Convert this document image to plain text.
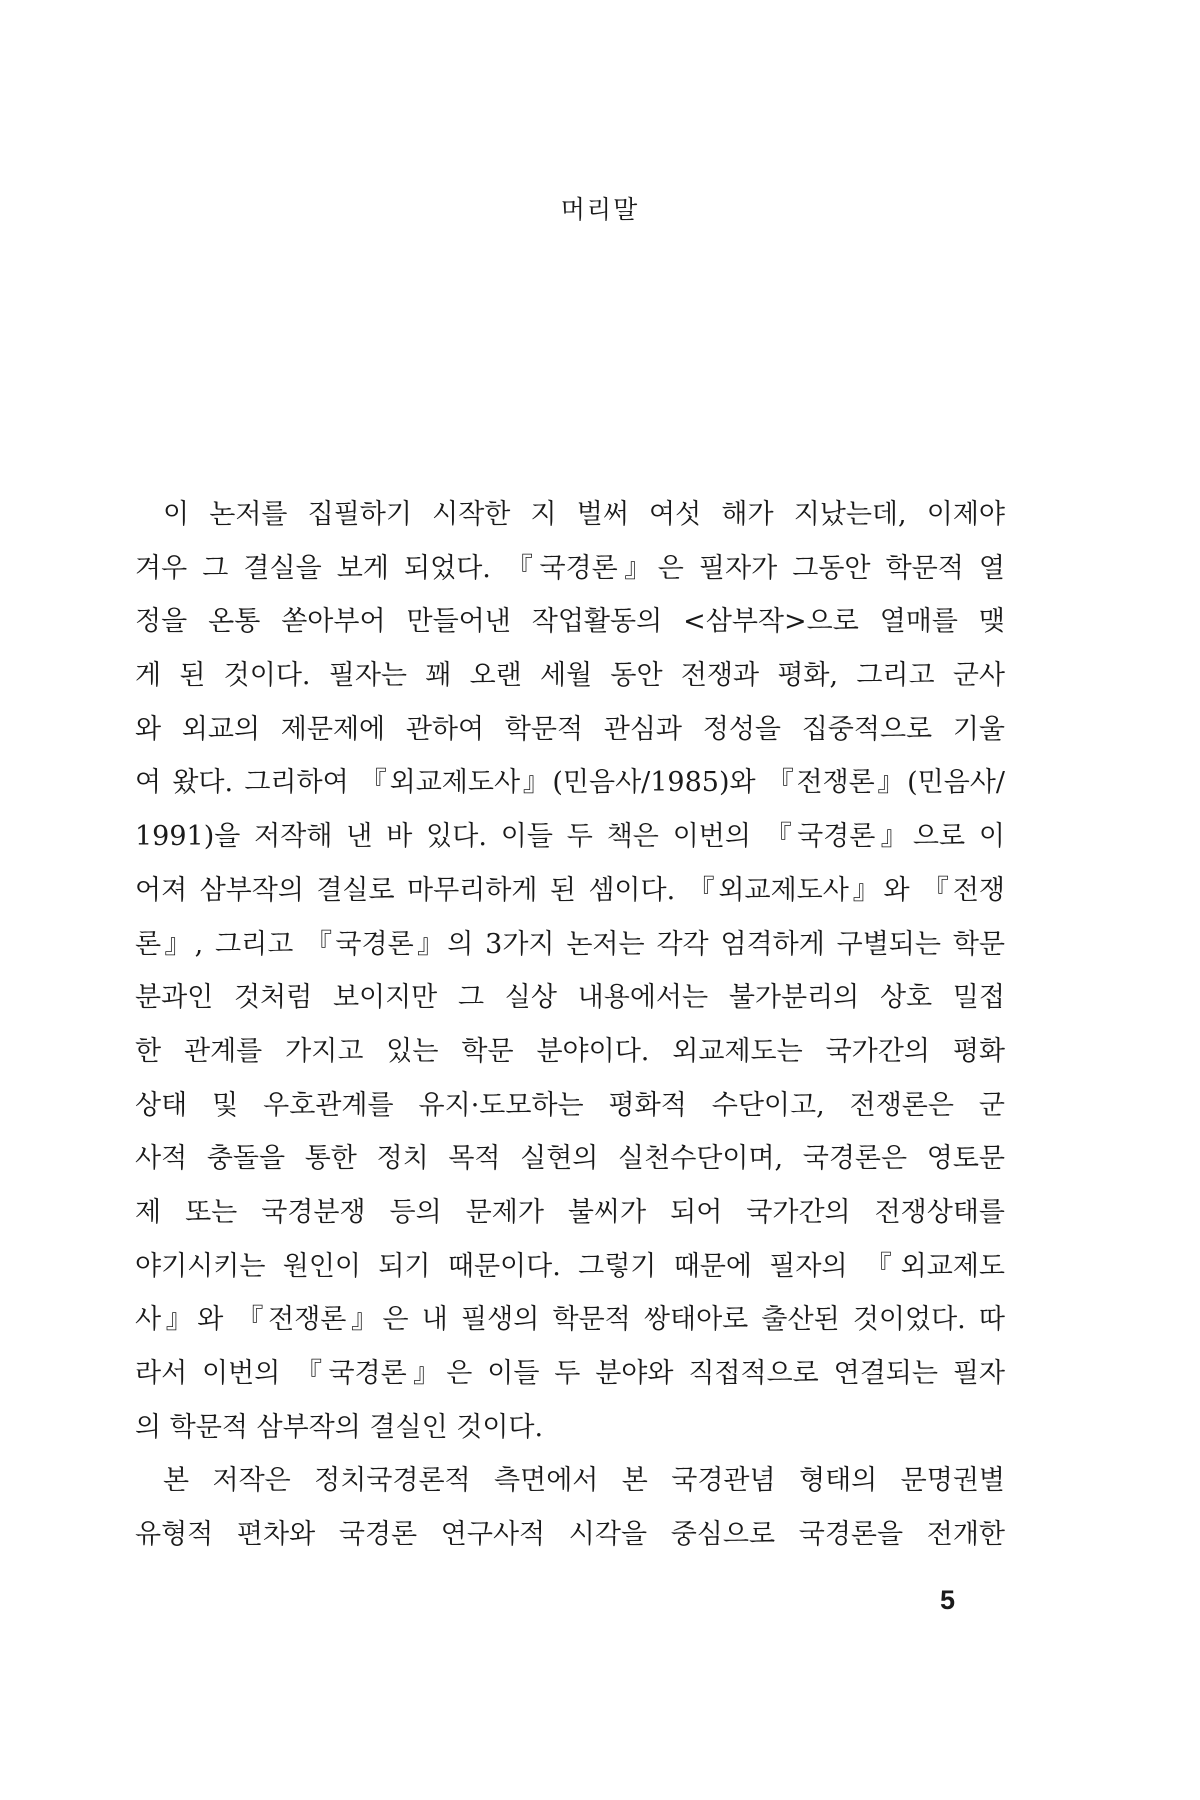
머리말
이 논저를 집필하기 시작한 지 벌써 여섯 해가 지났는데, 이제야
겨우 그 결실을 보게 되었다. 『국경론』은 필자가 그동안 학문적 열
정을 온통 쏟아부어 만들어낸 작업활동의 <삼부작>으로 열매를 맺
게 된 것이다. 필자는 꽤 오랜 세월 동안 전쟁과 평화, 그리고 군사
와 외교의 제문제에 관하여 학문적 관심과 정성을 집중적으로 기울
여 왔다. 그리하여 『외교제도사』(민음사/1985)와 『전쟁론』(민음사/
1991)을 저작해 낸 바 있다. 이들 두 책은 이번의 『국경론』으로 이
어져 삼부작의 결실로 마무리하게 된 셈이다. 『외교제도사』와 『전쟁
론』, 그리고 『국경론』의 3가지 논저는 각각 엄격하게 구별되는 학문
분과인 것처럼 보이지만 그 실상 내용에서는 불가분리의 상호 밀접
한 관계를 가지고 있는 학문 분야이다. 외교제도는 국가간의 평화
상태 및 우호관계를 유지·도모하는 평화적 수단이고, 전쟁론은 군
사적 충돌을 통한 정치 목적 실현의 실천수단이며, 국경론은 영토문
제 또는 국경분쟁 등의 문제가 불씨가 되어 국가간의 전쟁상태를
야기시키는 원인이 되기 때문이다. 그렇기 때문에 필자의 『외교제도
사』와 『전쟁론』은 내 필생의 학문적 쌍태아로 출산된 것이었다. 따
라서 이번의 『국경론』은 이들 두 분야와 직접적으로 연결되는 필자
의 학문적 삼부작의 결실인 것이다.
본 저작은 정치국경론적 측면에서 본 국경관념 형태의 문명권별
유형적 편차와 국경론 연구사적 시각을 중심으로 국경론을 전개한
5
